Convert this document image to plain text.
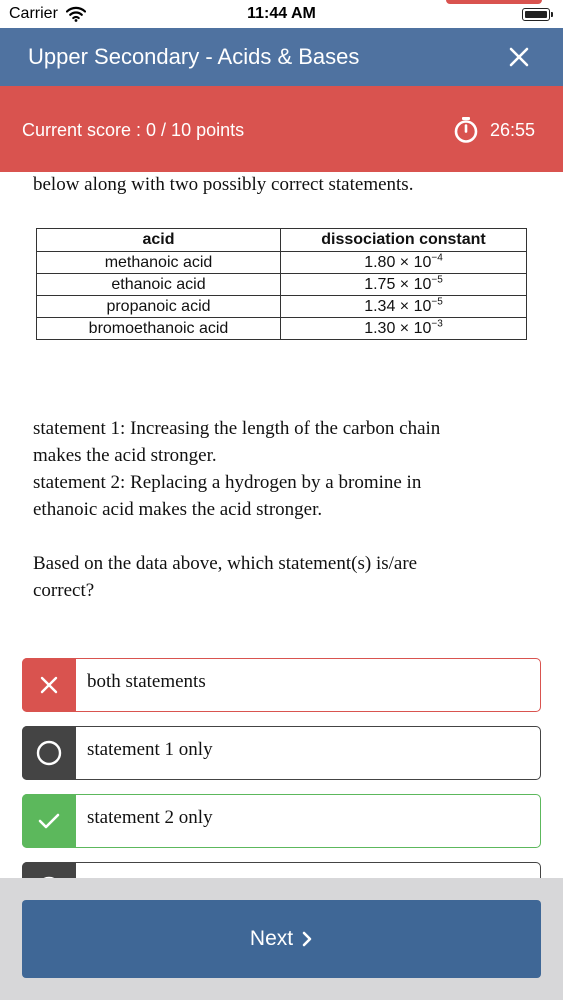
Carrier	11:44 AM
Upper Secondary - Acids & Bases
Current score : 0 / 10 points	26:55
below along with two possibly correct statements.
acid	dissociation constant
methanoic acid	$1.80 \times 10^{-4}$
ethanoic acid	$1.75 \times 10^{-5}$
propanoic acid	$1.34 \times 10^{-5}$
bromoethanoic acid	$1.30 \times 10^{-3}$
statement 1: Increasing the length of the carbon chain
makes the acid stronger.
statement 2: Replacing a hydrogen by a bromine in
ethanoic acid makes the acid stronger.
Based on the data above, which statement(s) is/are
correct?
both statements
statement 1 only
statement 2 only
Next
